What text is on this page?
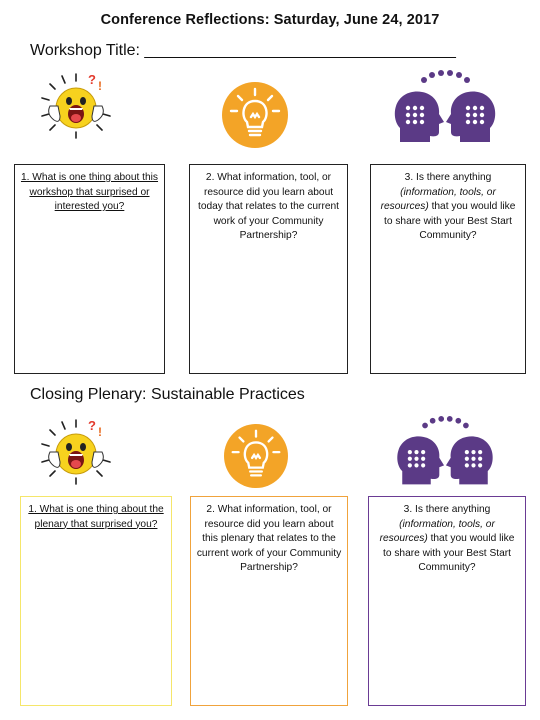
Conference Reflections: Saturday, June 24, 2017
Workshop Title: ___________________________________
? !
1. What is one thing about this workshop that surprised or interested you?
2. What information, tool, or resource did you learn about today that relates to the current work of your Community Partnership?
3. Is there anything (information, tools, or resources) that you would like to share with your Best Start Community?
Closing Plenary: Sustainable Practices
? !
1. What is one thing about the plenary that surprised you?
2. What information, tool, or resource did you learn about this plenary that relates to the current work of your Community Partnership?
3. Is there anything (information, tools, or resources) that you would like to share with your Best Start Community?
